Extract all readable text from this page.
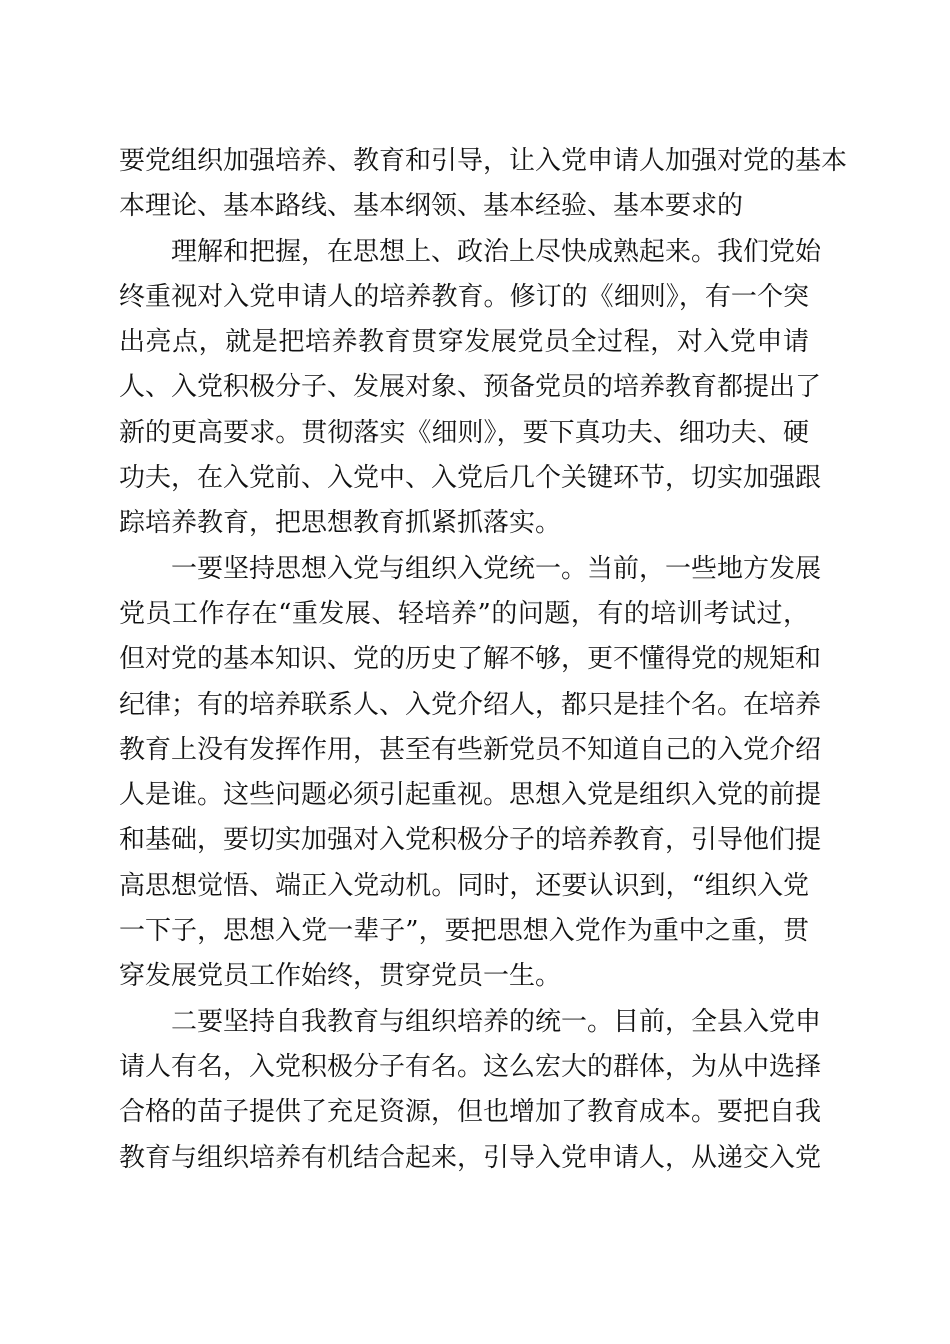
要党组织加强培养、教育和引导，让入党申请人加强对党的基本
本理论、基本路线、基本纲领、基本经验、基本要求的
理解和把握，在思想上、政治上尽快成熟起来。我们党始
终重视对入党申请人的培养教育。修订的《细则》，有一个突
出亮点，就是把培养教育贯穿发展党员全过程，对入党申请
人、入党积极分子、发展对象、预备党员的培养教育都提出了
新的更高要求。贯彻落实《细则》，要下真功夫、细功夫、硬
功夫，在入党前、入党中、入党后几个关键环节，切实加强跟
踪培养教育，把思想教育抓紧抓落实。
一要坚持思想入党与组织入党统一。当前，一些地方发展
党员工作存在“重发展、轻培养”的问题，有的培训考试过，
但对党的基本知识、党的历史了解不够，更不懂得党的规矩和
纪律；有的培养联系人、入党介绍人，都只是挂个名。在培养
教育上没有发挥作用，甚至有些新党员不知道自己的入党介绍
人是谁。这些问题必须引起重视。思想入党是组织入党的前提
和基础，要切实加强对入党积极分子的培养教育，引导他们提
高思想觉悟、端正入党动机。同时，还要认识到，“组织入党
一下子，思想入党一辈子”，要把思想入党作为重中之重，贯
穿发展党员工作始终，贯穿党员一生。
二要坚持自我教育与组织培养的统一。目前，全县入党申
请人有名，入党积极分子有名。这么宏大的群体，为从中选择
合格的苗子提供了充足资源，但也增加了教育成本。要把自我
教育与组织培养有机结合起来，引导入党申请人，从递交入党
